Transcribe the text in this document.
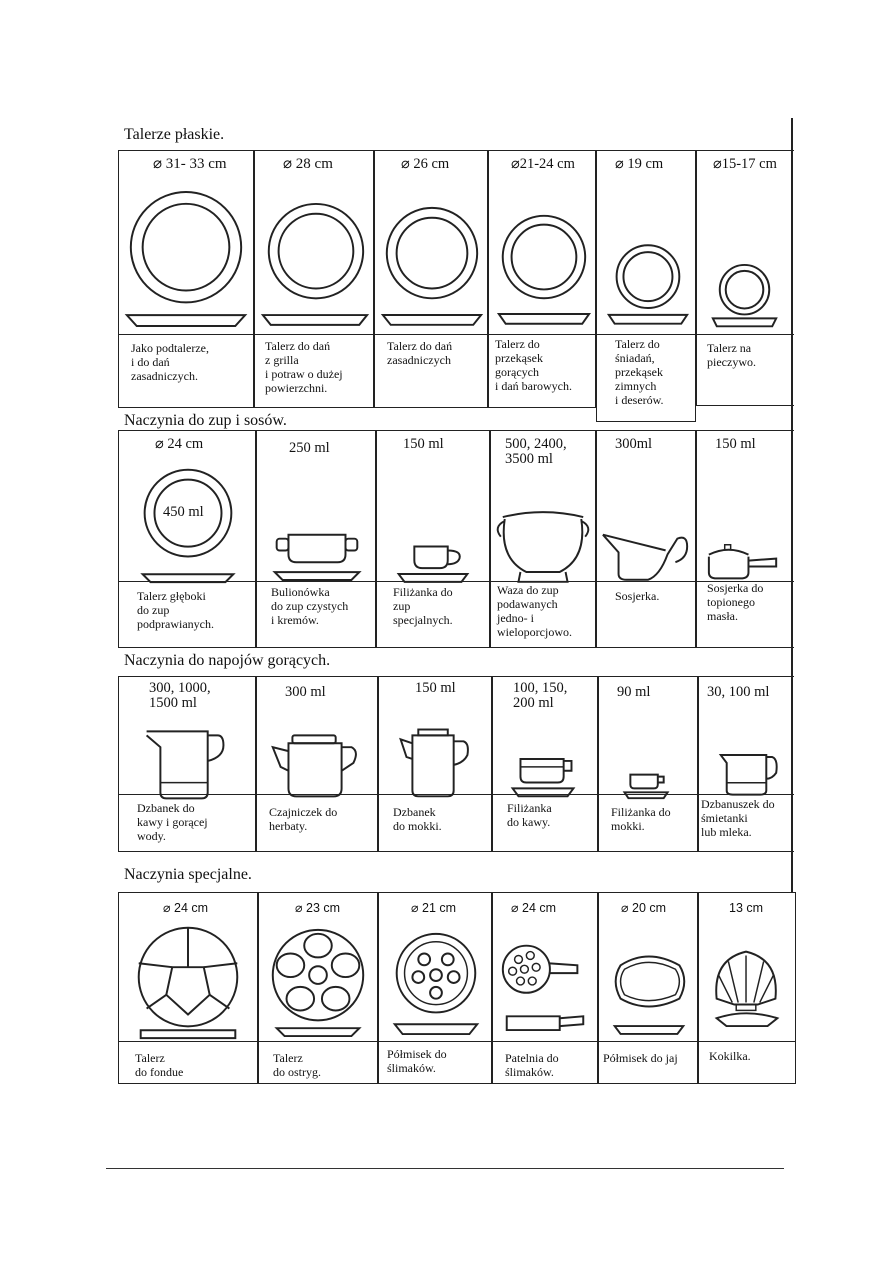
Talerze płaskie.
⌀ 31- 33 cm
Jako podtalerze,
i do dań
zasadniczych.
⌀ 28 cm
Talerz do dań
z grilla
i potraw o dużej
powierzchni.
⌀ 26 cm
Talerz do dań
zasadniczych
⌀21-24 cm
Talerz do
przekąsek
gorących
i dań barowych.
⌀ 19 cm
Talerz do
śniadań,
przekąsek
zimnych
i deserów.
⌀15-17 cm
Talerz na
pieczywo.
Naczynia do zup i sosów.
⌀ 24 cm
450 ml
Talerz głęboki
do zup
podprawianych.
250 ml
Bulionówka
do zup czystych
i kremów.
150 ml
Filiżanka do
zup
specjalnych.
500, 2400,
3500 ml
Waza do zup
podawanych
jedno- i
wieloporcjowo.
300ml
Sosjerka.
150 ml
Sosjerka do
topionego
masła.
Naczynia do napojów gorących.
300, 1000,
1500 ml
Dzbanek do
kawy i gorącej
wody.
300 ml
Czajniczek do
herbaty.
150 ml
Dzbanek
do mokki.
100, 150,
200 ml
Filiżanka
do kawy.
90 ml
Filiżanka do
mokki.
30, 100 ml
Dzbanuszek do
śmietanki
lub mleka.
Naczynia specjalne.
⌀ 24 cm
Talerz
do fondue
⌀ 23 cm
Talerz
do ostryg.
⌀ 21 cm
Półmisek do
ślimaków.
⌀ 24 cm
Patelnia do
ślimaków.
⌀ 20 cm
Półmisek do jaj
13 cm
Kokilka.
